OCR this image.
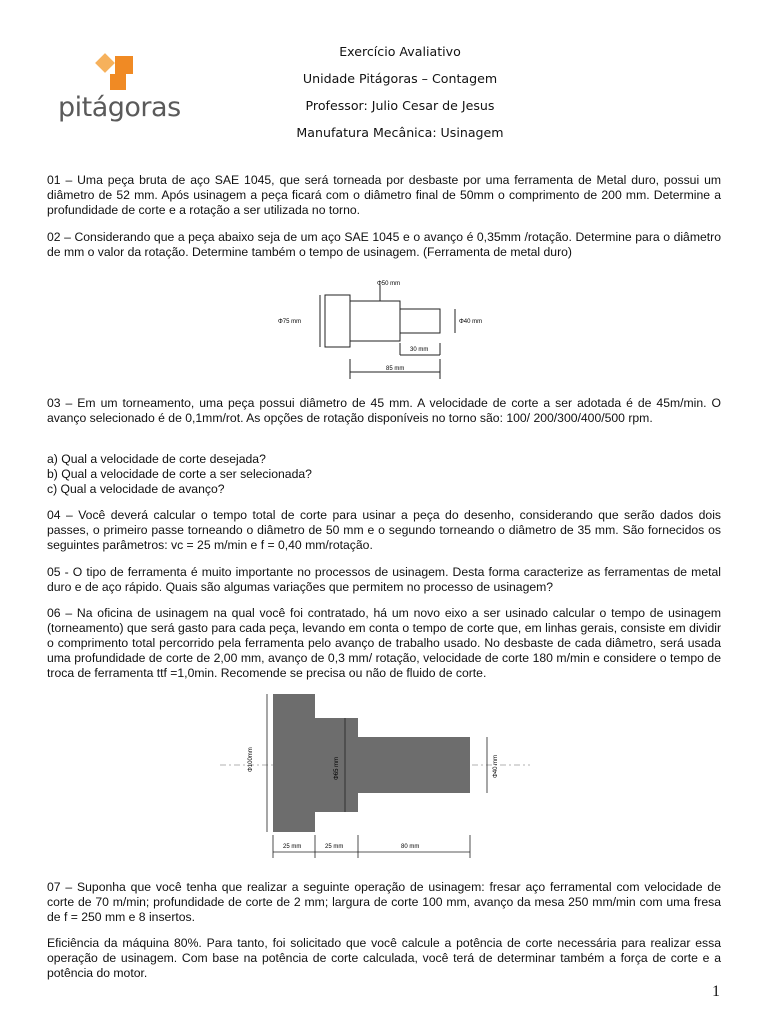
pitágoras
Exercício Avaliativo
Unidade Pitágoras – Contagem
Professor: Julio Cesar de Jesus
Manufatura Mecânica: Usinagem

01 – Uma peça bruta de aço SAE 1045, que será torneada por desbaste por uma ferramenta de Metal duro, possui um diâmetro de 52 mm. Após usinagem a peça ficará com o diâmetro final de 50mm o comprimento de 200 mm. Determine a profundidade de corte e a rotação a ser utilizada no torno.

02 – Considerando que a peça abaixo seja de um aço SAE 1045 e o avanço é 0,35mm /rotação. Determine para o diâmetro de mm o valor da rotação. Determine também o tempo de usinagem. (Ferramenta de metal duro)

Φ50 mm
Φ75 mm	Φ40 mm
30 mm
85 mm

03 – Em um torneamento, uma peça possui diâmetro de 45 mm. A velocidade de corte a ser adotada é de 45m/min. O avanço selecionado é de 0,1mm/rot. As opções de rotação disponíveis no torno são: 100/ 200/300/400/500 rpm.

a) Qual a velocidade de corte desejada?

b) Qual a velocidade de corte a ser selecionada?

c) Qual a velocidade de avanço?

04 – Você deverá calcular o tempo total de corte para usinar a peça do desenho, considerando que serão dados dois passes, o primeiro passe torneando o diâmetro de 50 mm e o segundo torneando o diâmetro de 35 mm. São fornecidos os seguintes parâmetros: vc = 25 m/min e f = 0,40 mm/rotação.

05 - O tipo de ferramenta é muito importante no processos de usinagem. Desta forma caracterize as ferramentas de metal duro e de aço rápido. Quais são algumas variações que permitem no processo de usinagem?

06 – Na oficina de usinagem na qual você foi contratado, há um novo eixo a ser usinado calcular o tempo de usinagem (torneamento) que será gasto para cada peça, levando em conta o tempo de corte que, em linhas gerais, consiste em dividir o comprimento total percorrido pela ferramenta pelo avanço de trabalho usado. No desbaste de cada diâmetro, será usada uma profundidade de corte de 2,00 mm, avanço de 0,3 mm/ rotação, velocidade de corte 180 m/min e considere o tempo de troca de ferramenta ttf =1,0min. Recomende se precisa ou não de fluido de corte.

Φ100mm	Φ65 mm	Φ40 mm
25 mm	25 mm	80 mm

07 – Suponha que você tenha que realizar a seguinte operação de usinagem: fresar aço ferramental com velocidade de corte de 70 m/min; profundidade de corte de 2 mm; largura de corte 100 mm, avanço da mesa 250 mm/min com uma fresa de f = 250 mm e 8 insertos.

Eficiência da máquina 80%. Para tanto, foi solicitado que você calcule a potência de corte necessária para realizar essa operação de usinagem. Com base na potência de corte calculada, você terá de determinar também a força de corte e a potência do motor.

1
